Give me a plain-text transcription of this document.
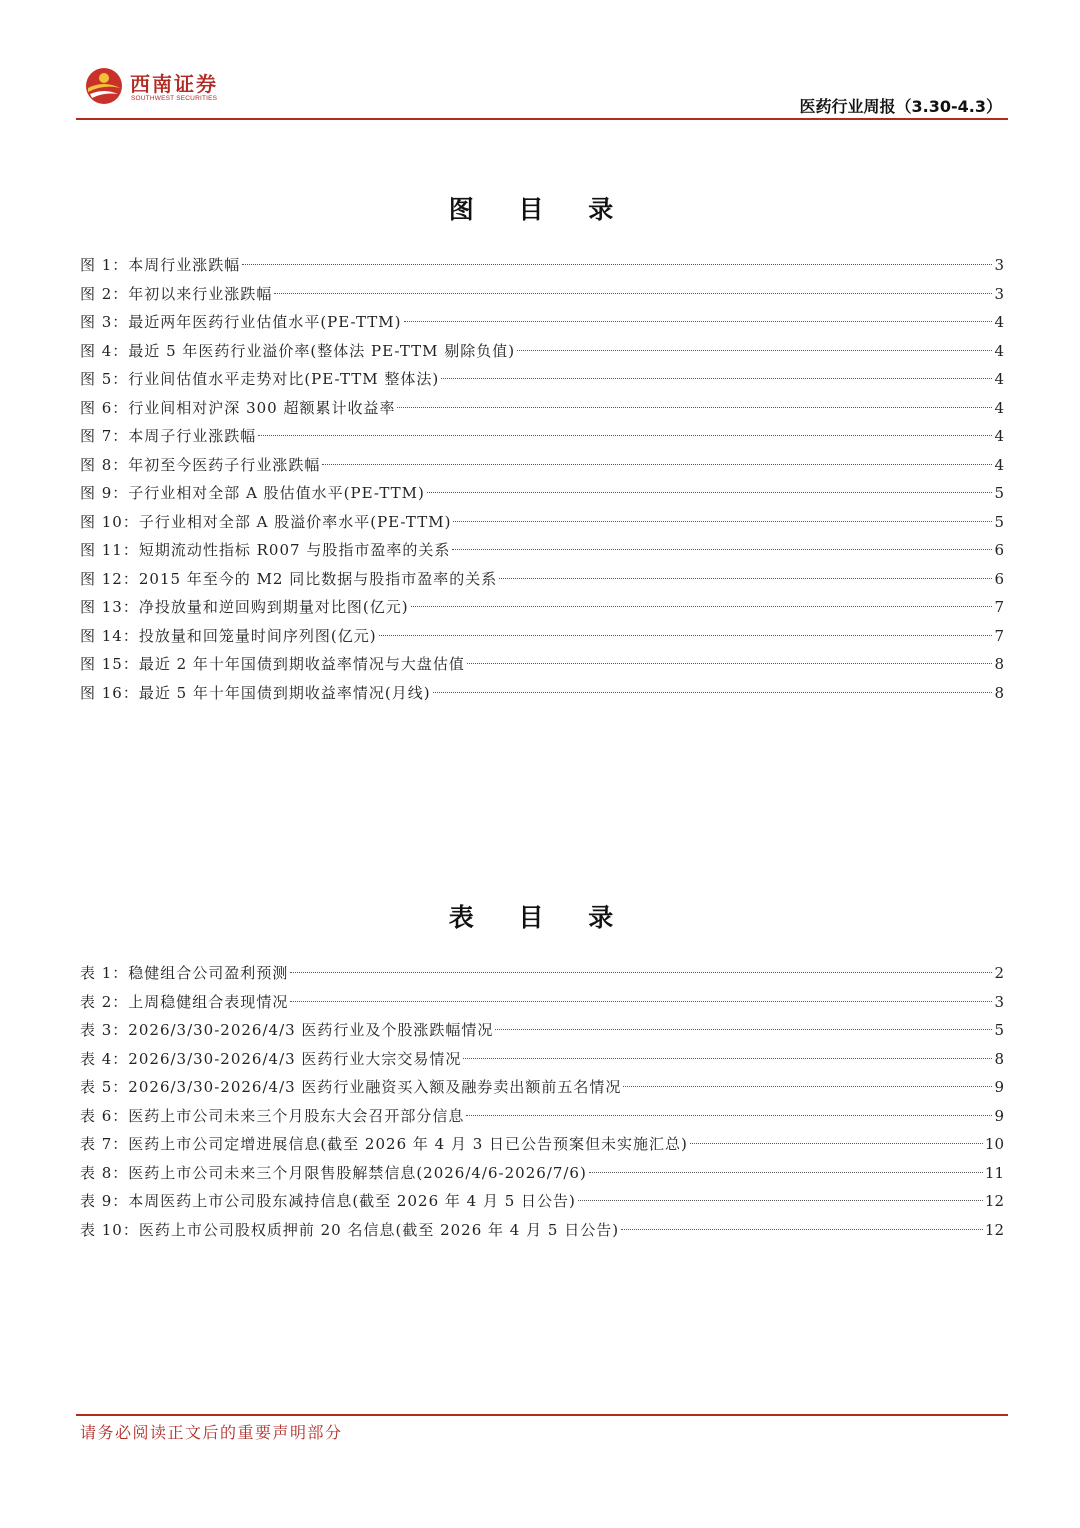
西南证券
SOUTHWEST SECURITIES	医药行业周报（3.30-4.3）
图 目 录
图 1：本周行业涨跌幅	3
图 2：年初以来行业涨跌幅	3
图 3：最近两年医药行业估值水平(PE-TTM)	4
图 4：最近 5 年医药行业溢价率(整体法 PE-TTM 剔除负值)	4
图 5：行业间估值水平走势对比(PE-TTM 整体法)	4
图 6：行业间相对沪深 300 超额累计收益率	4
图 7：本周子行业涨跌幅	4
图 8：年初至今医药子行业涨跌幅	4
图 9：子行业相对全部 A 股估值水平(PE-TTM)	5
图 10：子行业相对全部 A 股溢价率水平(PE-TTM)	5
图 11：短期流动性指标 R007 与股指市盈率的关系	6
图 12：2015 年至今的 M2 同比数据与股指市盈率的关系	6
图 13：净投放量和逆回购到期量对比图(亿元)	7
图 14：投放量和回笼量时间序列图(亿元)	7
图 15：最近 2 年十年国债到期收益率情况与大盘估值	8
图 16：最近 5 年十年国债到期收益率情况(月线)	8
表 目 录
表 1：稳健组合公司盈利预测	2
表 2：上周稳健组合表现情况	3
表 3：2026/3/30-2026/4/3 医药行业及个股涨跌幅情况	5
表 4：2026/3/30-2026/4/3 医药行业大宗交易情况	8
表 5：2026/3/30-2026/4/3 医药行业融资买入额及融券卖出额前五名情况	9
表 6：医药上市公司未来三个月股东大会召开部分信息	9
表 7：医药上市公司定增进展信息(截至 2026 年 4 月 3 日已公告预案但未实施汇总)	10
表 8：医药上市公司未来三个月限售股解禁信息(2026/4/6-2026/7/6)	11
表 9：本周医药上市公司股东减持信息(截至 2026 年 4 月 5 日公告)	12
表 10：医药上市公司股权质押前 20 名信息(截至 2026 年 4 月 5 日公告)	12
请务必阅读正文后的重要声明部分
